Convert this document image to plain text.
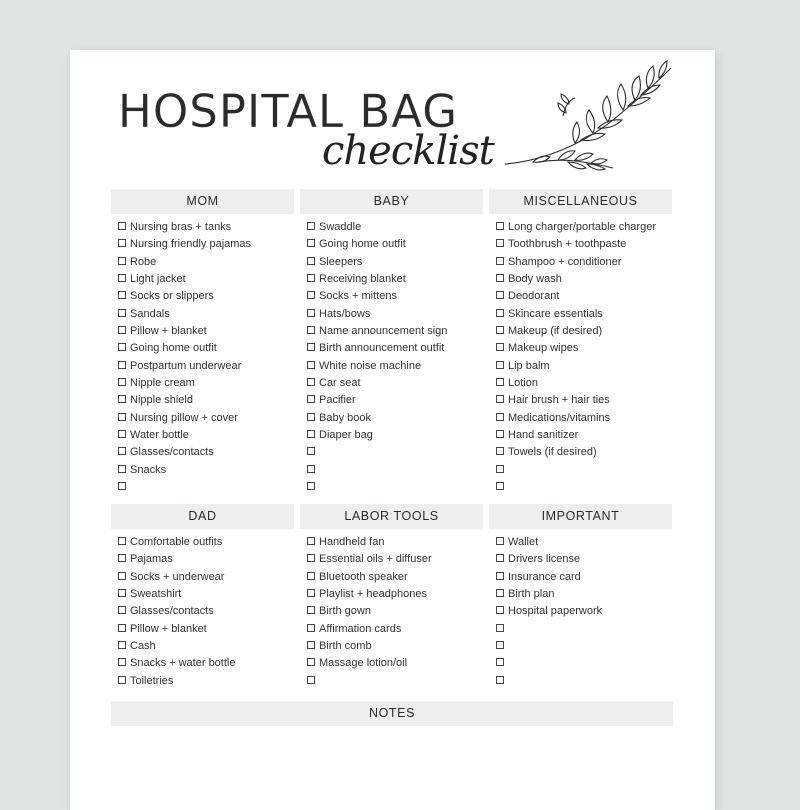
HOSPITAL BAG
checklist
MOM
Nursing bras + tanks
Nursing friendly pajamas
Robe
Light jacket
Socks or slippers
Sandals
Pillow + blanket
Going home outfit
Postpartum underwear
Nipple cream
Nipple shield
Nursing pillow + cover
Water bottle
Glasses/contacts
Snacks
BABY
Swaddle
Going home outfit
Sleepers
Receiving blanket
Socks + mittens
Hats/bows
Name announcement sign
Birth announcement outfit
White noise machine
Car seat
Pacifier
Baby book
Diaper bag
MISCELLANEOUS
Long charger/portable charger
Toothbrush + toothpaste
Shampoo + conditioner
Body wash
Deodorant
Skincare essentials
Makeup (if desired)
Makeup wipes
Lip balm
Lotion
Hair brush + hair ties
Medications/vitamins
Hand sanitizer
Towels (if desired)
DAD
Comfortable outfits
Pajamas
Socks + underwear
Sweatshirt
Glasses/contacts
Pillow + blanket
Cash
Snacks + water bottle
Toiletries
LABOR TOOLS
Handheld fan
Essential oils + diffuser
Bluetooth speaker
Playlist + headphones
Birth gown
Affirmation cards
Birth comb
Massage lotion/oil
IMPORTANT
Wallet
Drivers license
Insurance card
Birth plan
Hospital paperwork
NOTES
